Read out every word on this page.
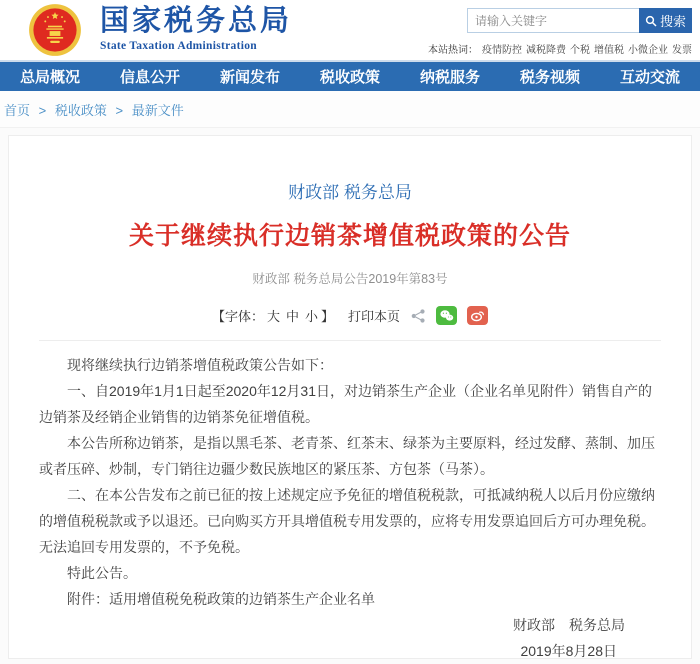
国家税务总局
State Taxation Administration
请输入关键字
搜索
本站热词： 疫情防控 减税降费 个税 增值税 小微企业 发票
总局概况	信息公开	新闻发布	税收政策	纳税服务	税务视频	互动交流
首页 > 税收政策 > 最新文件
财政部 税务总局
关于继续执行边销茶增值税政策的公告
财政部 税务总局公告2019年第83号
【字体： 大 中 小 】 打印本页

现将继续执行边销茶增值税政策公告如下：

一、自2019年1月1日起至2020年12月31日，对边销茶生产企业（企业名单见附件）销售自产的边销茶及经销企业销售的边销茶免征增值税。

本公告所称边销茶，是指以黑毛茶、老青茶、红茶末、绿茶为主要原料，经过发酵、蒸制、加压或者压碎、炒制，专门销往边疆少数民族地区的紧压茶、方包茶（马茶）。

二、在本公告发布之前已征的按上述规定应予免征的增值税税款，可抵减纳税人以后月份应缴纳的增值税税款或予以退还。已向购买方开具增值税专用发票的，应将专用发票追回后方可办理免税。无法追回专用发票的，不予免税。

特此公告。

附件：适用增值税免税政策的边销茶生产企业名单

财政部　税务总局

2019年8月28日
